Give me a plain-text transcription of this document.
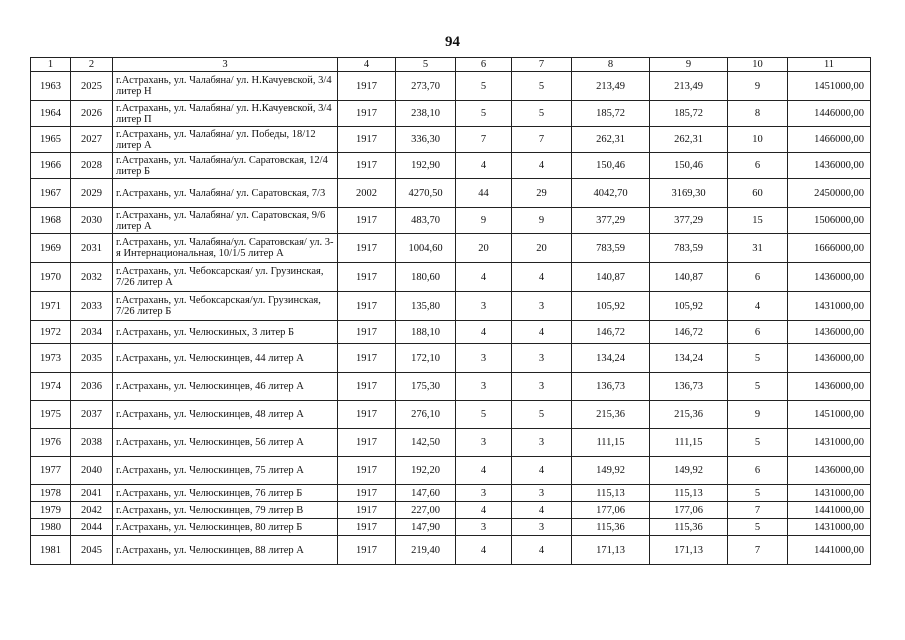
94
1	2	3	4	5	6	7	8	9	10	11
1963	2025	г.Астрахань, ул. Чалабяна/ ул. Н.Качуевской, 3/4 литер Н	1917	273,70	5	5	213,49	213,49	9	1451000,00
1964	2026	г.Астрахань, ул. Чалабяна/ ул. Н.Качуевской, 3/4 литер П	1917	238,10	5	5	185,72	185,72	8	1446000,00
1965	2027	г.Астрахань, ул. Чалабяна/ ул. Победы, 18/12 литер А	1917	336,30	7	7	262,31	262,31	10	1466000,00
1966	2028	г.Астрахань, ул. Чалабяна/ул. Саратовская, 12/4 литер Б	1917	192,90	4	4	150,46	150,46	6	1436000,00
1967	2029	г.Астрахань, ул. Чалабяна/ ул. Саратовская, 7/3	2002	4270,50	44	29	4042,70	3169,30	60	2450000,00
1968	2030	г.Астрахань, ул. Чалабяна/ ул. Саратовская, 9/6 литер А	1917	483,70	9	9	377,29	377,29	15	1506000,00
1969	2031	г.Астрахань, ул. Чалабяна/ул. Саратовская/ ул. 3-я Интернациональная, 10/1/5 литер А	1917	1004,60	20	20	783,59	783,59	31	1666000,00
1970	2032	г.Астрахань, ул. Чебоксарская/ ул. Грузинская, 7/26 литер А	1917	180,60	4	4	140,87	140,87	6	1436000,00
1971	2033	г.Астрахань, ул. Чебоксарская/ул. Грузинская, 7/26 литер Б	1917	135,80	3	3	105,92	105,92	4	1431000,00
1972	2034	г.Астрахань, ул. Челюскиных, 3 литер Б	1917	188,10	4	4	146,72	146,72	6	1436000,00
1973	2035	г.Астрахань, ул. Челюскинцев, 44 литер А	1917	172,10	3	3	134,24	134,24	5	1436000,00
1974	2036	г.Астрахань, ул. Челюскинцев, 46 литер А	1917	175,30	3	3	136,73	136,73	5	1436000,00
1975	2037	г.Астрахань, ул. Челюскинцев, 48 литер А	1917	276,10	5	5	215,36	215,36	9	1451000,00
1976	2038	г.Астрахань, ул. Челюскинцев, 56 литер А	1917	142,50	3	3	111,15	111,15	5	1431000,00
1977	2040	г.Астрахань, ул. Челюскинцев, 75 литер А	1917	192,20	4	4	149,92	149,92	6	1436000,00
1978	2041	г.Астрахань, ул. Челюскинцев, 76 литер Б	1917	147,60	3	3	115,13	115,13	5	1431000,00
1979	2042	г.Астрахань, ул. Челюскинцев, 79 литер В	1917	227,00	4	4	177,06	177,06	7	1441000,00
1980	2044	г.Астрахань, ул. Челюскинцев, 80 литер Б	1917	147,90	3	3	115,36	115,36	5	1431000,00
1981	2045	г.Астрахань, ул. Челюскинцев, 88 литер А	1917	219,40	4	4	171,13	171,13	7	1441000,00
